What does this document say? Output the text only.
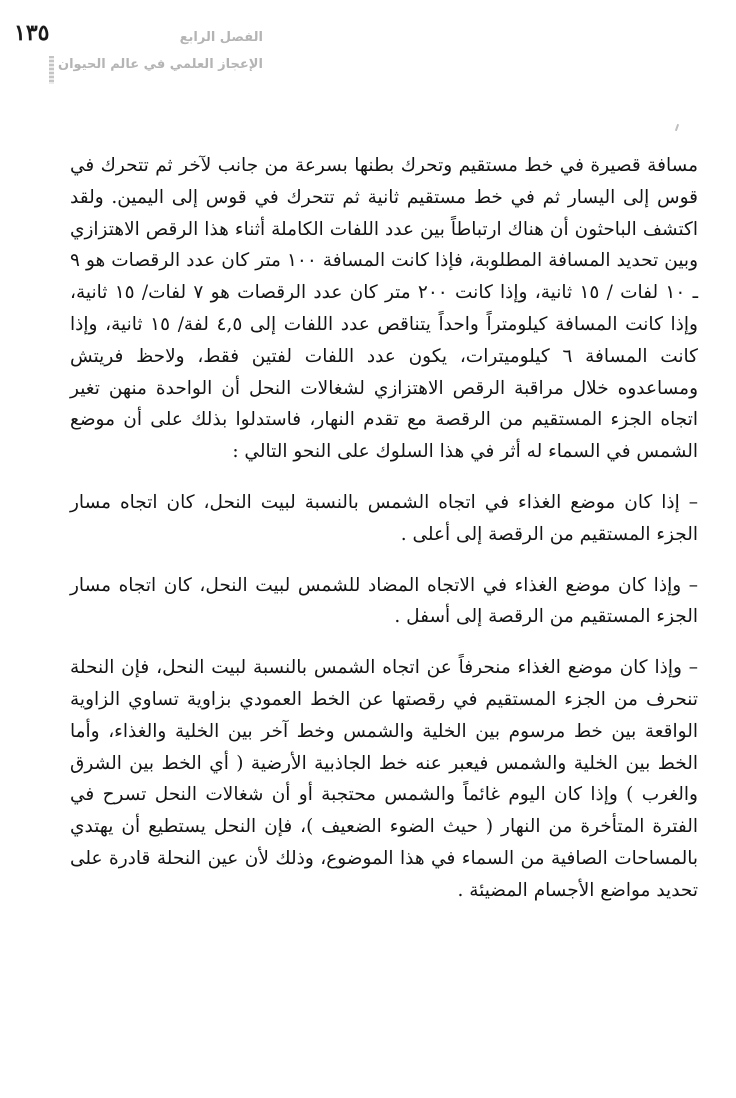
١٣٥	الفصل الرابع
الإعجاز العلمي في عالم الحيوان

مسافة قصيرة في خط مستقيم وتحرك بطنها بسرعة من جانب لآخر ثم تتحرك في قوس إلى اليسار ثم في خط مستقيم ثانية ثم تتحرك في قوس إلى اليمين. ولقد اكتشف الباحثون أن هناك ارتباطاً بين عدد اللفات الكاملة أثناء هذا الرقص الاهتزازي وبين تحديد المسافة المطلوبة، فإذا كانت المسافة ١٠٠ متر كان عدد الرقصات هو ٩ ـ ١٠ لفات / ١٥ ثانية، وإذا كانت ٢٠٠ متر كان عدد الرقصات هو ٧ لفات/ ١٥ ثانية، وإذا كانت المسافة كيلومتراً واحداً يتناقص عدد اللفات إلى ٤,٥ لفة/ ١٥ ثانية، وإذا كانت المسافة ٦ كيلوميترات، يكون عدد اللفات لفتين فقط، ولاحظ فريتش ومساعدوه خلال مراقبة الرقص الاهتزازي لشغالات النحل أن الواحدة منهن تغير اتجاه الجزء المستقيم من الرقصة مع تقدم النهار، فاستدلوا بذلك على أن موضع الشمس في السماء له أثر في هذا السلوك على النحو التالي :

– إذا كان موضع الغذاء في اتجاه الشمس بالنسبة لبيت النحل، كان اتجاه مسار الجزء المستقيم من الرقصة إلى أعلى .

– وإذا كان موضع الغذاء في الاتجاه المضاد للشمس لبيت النحل، كان اتجاه مسار الجزء المستقيم من الرقصة إلى أسفل .

– وإذا كان موضع الغذاء منحرفاً عن اتجاه الشمس بالنسبة لبيت النحل، فإن النحلة تنحرف من الجزء المستقيم في رقصتها عن الخط العمودي بزاوية تساوي الزاوية الواقعة بين خط مرسوم بين الخلية والشمس وخط آخر بين الخلية والغذاء، وأما الخط بين الخلية والشمس فيعبر عنه خط الجاذبية الأرضية ( أي الخط بين الشرق والغرب ) وإذا كان اليوم غائماً والشمس محتجبة أو أن شغالات النحل تسرح في الفترة المتأخرة من النهار ( حيث الضوء الضعيف )، فإن النحل يستطيع أن يهتدي بالمساحات الصافية من السماء في هذا الموضوع، وذلك لأن عين النحلة قادرة على تحديد مواضع الأجسام المضيئة .
